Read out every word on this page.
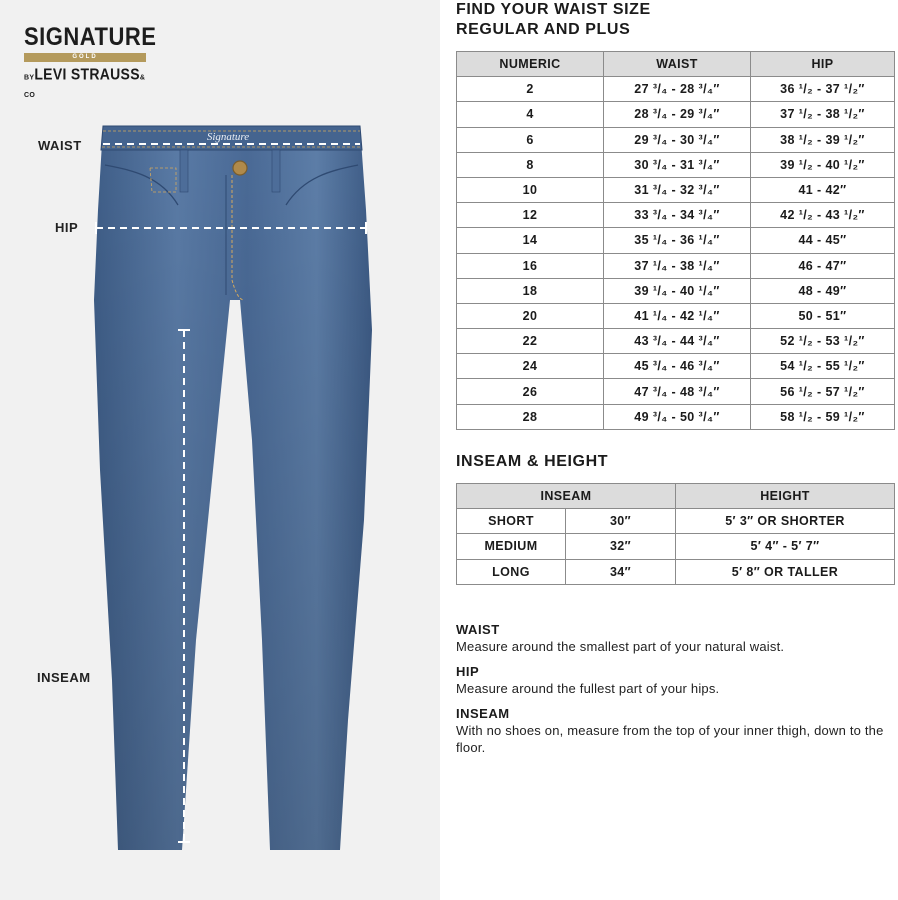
SIGNATURE
GOLD
BYLEVI STRAUSS& CO
Signature
WAIST
HIP
INSEAM

FIND YOUR WAIST SIZE

REGULAR AND PLUS

NUMERIC	WAIST	HIP
2	27 ³/₄ - 28 ³/₄″	36 ¹/₂ - 37 ¹/₂″
4	28 ³/₄ - 29 ³/₄″	37 ¹/₂ - 38 ¹/₂″
6	29 ³/₄ - 30 ³/₄″	38 ¹/₂ - 39 ¹/₂″
8	30 ³/₄ - 31 ³/₄″	39 ¹/₂ - 40 ¹/₂″
10	31 ³/₄ - 32 ³/₄″	41 - 42″
12	33 ³/₄ - 34 ³/₄″	42 ¹/₂ - 43 ¹/₂″
14	35 ¹/₄ - 36 ¹/₄″	44 - 45″
16	37 ¹/₄ - 38 ¹/₄″	46 - 47″
18	39 ¹/₄ - 40 ¹/₄″	48 - 49″
20	41 ¹/₄ - 42 ¹/₄″	50 - 51″
22	43 ³/₄ - 44 ³/₄″	52 ¹/₂ - 53 ¹/₂″
24	45 ³/₄ - 46 ³/₄″	54 ¹/₂ - 55 ¹/₂″
26	47 ³/₄ - 48 ³/₄″	56 ¹/₂ - 57 ¹/₂″
28	49 ³/₄ - 50 ³/₄″	58 ¹/₂ - 59 ¹/₂″
INSEAM & HEIGHT
INSEAM		HEIGHT
SHORT	30″	5′ 3″ OR SHORTER
MEDIUM	32″	5′ 4″ - 5′ 7″
LONG	34″	5′ 8″ OR TALLER
WAIST
Measure around the smallest part of your natural waist.
HIP
Measure around the fullest part of your hips.
INSEAM
With no shoes on, measure from the top of your inner thigh, down to the floor.
